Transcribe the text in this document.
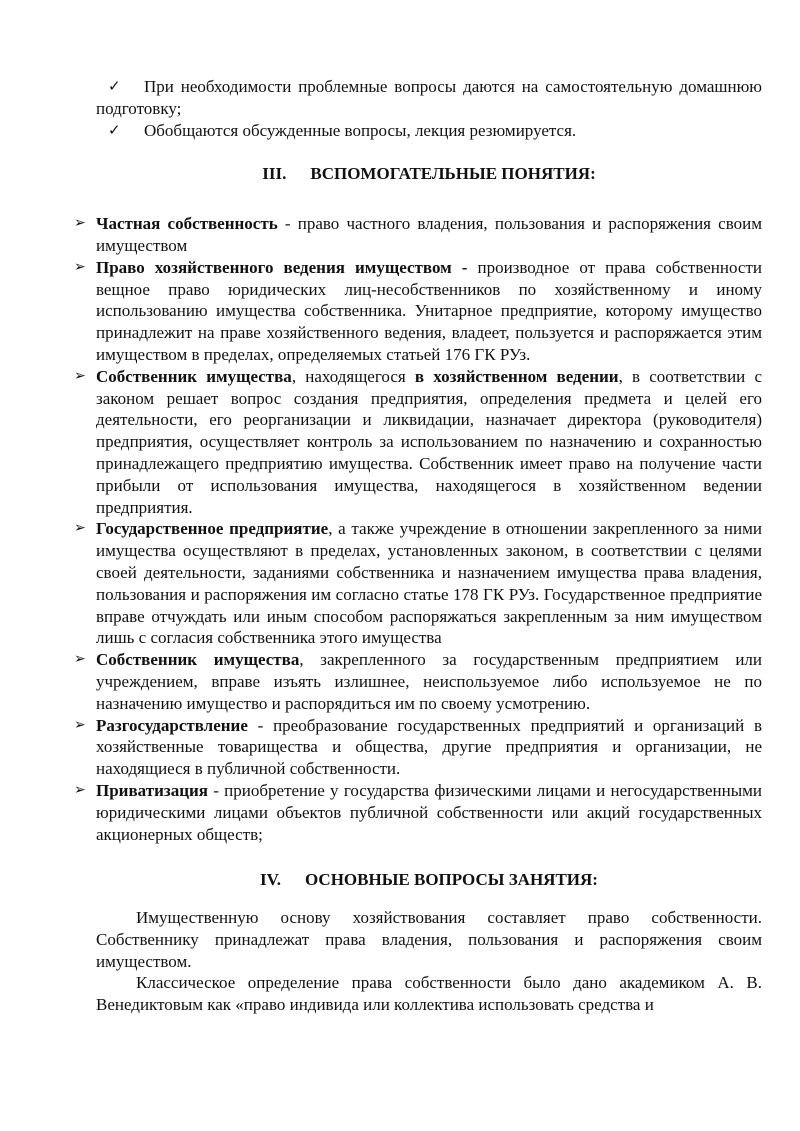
✓ При необходимости проблемные вопросы даются на самостоятельную домашнюю подготовку;

✓ Обобщаются обсужденные вопросы, лекция резюмируется.

III. ВСПОМОГАТЕЛЬНЫЕ ПОНЯТИЯ:

➢ Частная собственность - право частного владения, пользования и распоряжения своим имуществом

➢ Право хозяйственного ведения имуществом - производное от права собственности вещное право юридических лиц-несобственников по хозяйственному и иному использованию имущества собственника. Унитарное предприятие, которому имущество принадлежит на праве хозяйственного ведения, владеет, пользуется и распоряжается этим имуществом в пределах, определяемых статьей 176 ГК РУз.

➢ Собственник имущества, находящегося в хозяйственном ведении, в соответствии с законом решает вопрос создания предприятия, определения предмета и целей его деятельности, его реорганизации и ликвидации, назначает директора (руководителя) предприятия, осуществляет контроль за использованием по назначению и сохранностью принадлежащего предприятию имущества. Собственник имеет право на получение части прибыли от использования имущества, находящегося в хозяйственном ведении предприятия.

➢ Государственное предприятие, а также учреждение в отношении закрепленного за ними имущества осуществляют в пределах, установленных законом, в соответствии с целями своей деятельности, заданиями собственника и назначением имущества права владения, пользования и распоряжения им согласно статье 178 ГК РУз. Государственное предприятие вправе отчуждать или иным способом распоряжаться закрепленным за ним имуществом лишь с согласия собственника этого имущества

➢ Собственник имущества, закрепленного за государственным предприятием или учреждением, вправе изъять излишнее, неиспользуемое либо используемое не по назначению имущество и распорядиться им по своему усмотрению.

➢ Разгосударствление - преобразование государственных предприятий и организаций в хозяйственные товарищества и общества, другие предприятия и организации, не находящиеся в публичной собственности.

➢ Приватизация - приобретение у государства физическими лицами и негосударственными юридическими лицами объектов публичной собственности или акций государственных акционерных обществ;

IV. ОСНОВНЫЕ ВОПРОСЫ ЗАНЯТИЯ:

Имущественную основу хозяйствования составляет право собственности. Собственнику принадлежат права владения, пользования и распоряжения своим имуществом.

Классическое определение права собственности было дано академиком А. В. Венедиктовым как «право индивида или коллектива использовать средства и
